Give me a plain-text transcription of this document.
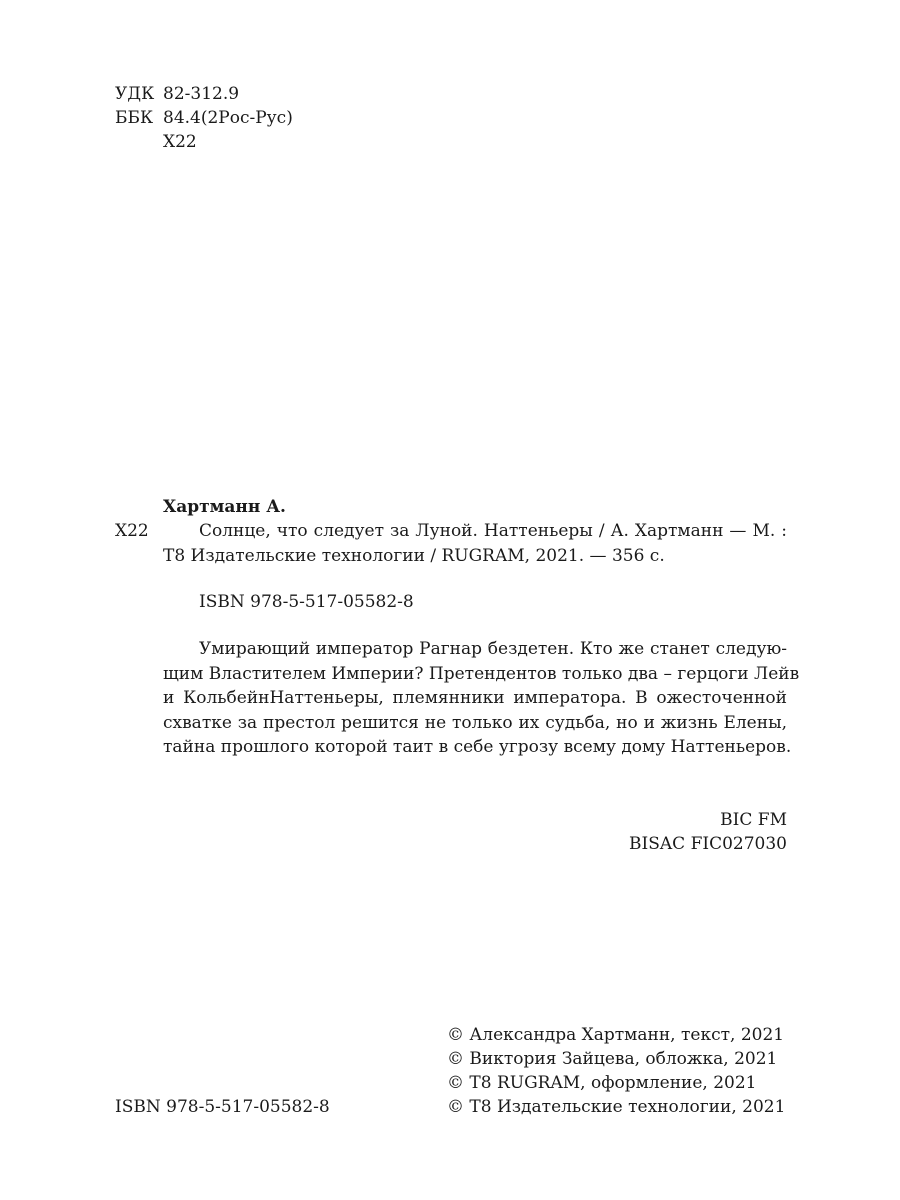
УДК 82-312.9
ББК 84.4(2Рос-Рус)
Х22
Хартманн А.
Х22	Солнце, что следует за Луной. Наттеньеры / А. Хартманн — М. :
Т8 Издательские технологии / RUGRAM, 2021. — 356 с.
ISBN 978-5-517-05582-8
Умирающий император Рагнар бездетен. Кто же станет следую-
щим Властителем Империи? Претендентов только два – герцоги Лейв
и КольбейнНаттеньеры, племянники императора. В ожесточенной
схватке за престол решится не только их судьба, но и жизнь Елены,
тайна прошлого которой таит в себе угрозу всему дому Наттеньеров.
BIC FM
BISAC FIC027030
© Александра Хартманн, текст, 2021
© Виктория Зайцева, обложка, 2021
© Т8 RUGRAM, оформление, 2021
© Т8 Издательские технологии, 2021
ISBN 978-5-517-05582-8
